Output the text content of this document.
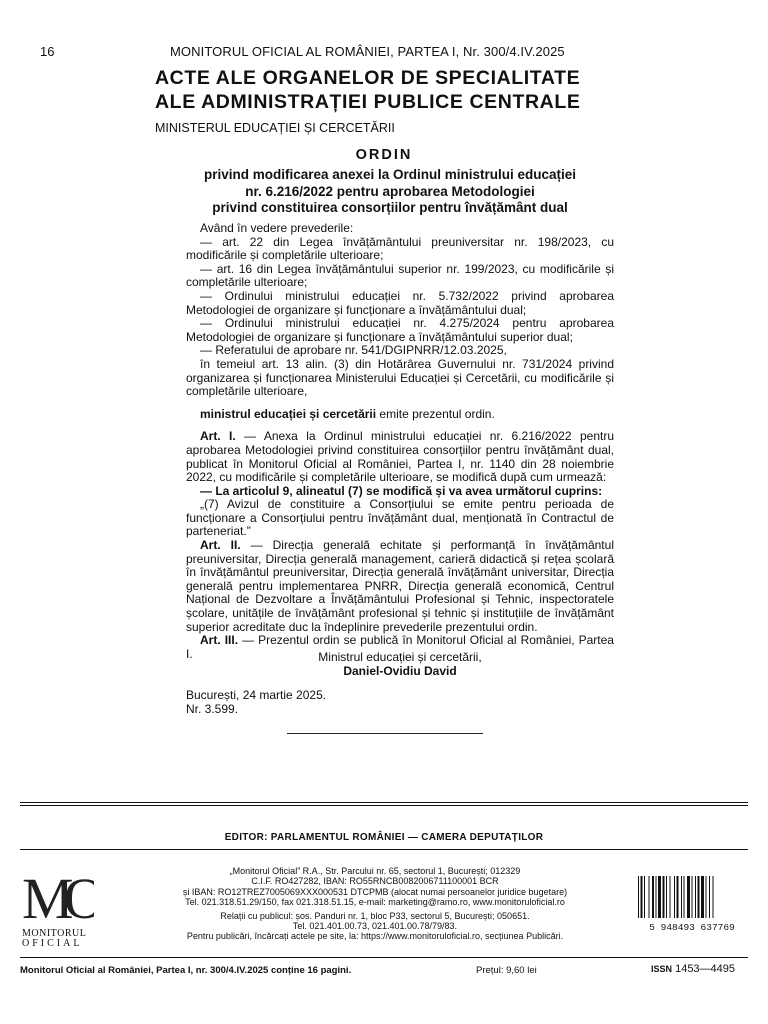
16	MONITORUL OFICIAL AL ROMÂNIEI, PARTEA I, Nr. 300/4.IV.2025
ACTE ALE ORGANELOR DE SPECIALITATE
ALE ADMINISTRAȚIEI PUBLICE CENTRALE
MINISTERUL EDUCAȚIEI ȘI CERCETĂRII
ORDIN
privind modificarea anexei la Ordinul ministrului educației
nr. 6.216/2022 pentru aprobarea Metodologiei
privind constituirea consorțiilor pentru învățământ dual

Având în vedere prevederile:

— art. 22 din Legea învățământului preuniversitar nr. 198/2023, cu modificările și completările ulterioare;

— art. 16 din Legea învățământului superior nr. 199/2023, cu modificările și completările ulterioare;

— Ordinului ministrului educației nr. 5.732/2022 privind aprobarea Metodologiei de organizare și funcționare a învățământului dual;

— Ordinului ministrului educației nr. 4.275/2024 pentru aprobarea Metodologiei de organizare și funcționare a învățământului superior dual;

— Referatului de aprobare nr. 541/DGIPNRR/12.03.2025,

în temeiul art. 13 alin. (3) din Hotărârea Guvernului nr. 731/2024 privind organizarea și funcționarea Ministerului Educației și Cercetării, cu modificările și completările ulterioare,

ministrul educației și cercetării emite prezentul ordin.

Art. I. — Anexa la Ordinul ministrului educației nr. 6.216/2022 pentru aprobarea Metodologiei privind constituirea consorțiilor pentru învățământ dual, publicat în Monitorul Oficial al României, Partea I, nr. 1140 din 28 noiembrie 2022, cu modificările și completările ulterioare, se modifică după cum urmează:

— La articolul 9, alineatul (7) se modifică și va avea următorul cuprins:

„(7) Avizul de constituire a Consorțiului se emite pentru perioada de funcționare a Consorțiului pentru învățământ dual, menționată în Contractul de parteneriat.”

Art. II. — Direcția generală echitate și performanță în învățământul preuniversitar, Direcția generală management, carieră didactică și rețea școlară în învățământul preuniversitar, Direcția generală învățământ universitar, Direcția generală pentru implementarea PNRR, Direcția generală economică, Centrul Național de Dezvoltare a Învățământului Profesional și Tehnic, inspectoratele școlare, unitățile de învățământ profesional și tehnic și instituțiile de învățământ superior acreditate duc la îndeplinire prevederile prezentului ordin.

Art. III. — Prezentul ordin se publică în Monitorul Oficial al României, Partea I.	Ministrul educației și cercetării,
Daniel-Ovidiu David
București, 24 martie 2025.
Nr. 3.599.
EDITOR: PARLAMENTUL ROMÂNIEI — CAMERA DEPUTAȚILOR
MO
MONITORUL
OFICIAL
„Monitorul Oficial” R.A., Str. Parcului nr. 65, sectorul 1, București; 012329
C.I.F. RO427282, IBAN: RO55RNCB0082006711100001 BCR
și IBAN: RO12TREZ7005069XXX000531 DTCPMB (alocat numai persoanelor juridice bugetare)
Tel. 021.318.51.29/150, fax 021.318.51.15, e-mail: marketing@ramo.ro, www.monitoruloficial.ro
Relații cu publicul: șos. Panduri nr. 1, bloc P33, sectorul 5, București; 050651.
Tel. 021.401.00.73, 021.401.00.78/79/83.
Pentru publicări, încărcați actele pe site, la: https://www.monitoruloficial.ro, secțiunea Publicări.
5 948493 637769
Monitorul Oficial al României, Partea I, nr. 300/4.IV.2025 conține 16 pagini.	Prețul: 9,60 lei	ISSN 1453—4495
